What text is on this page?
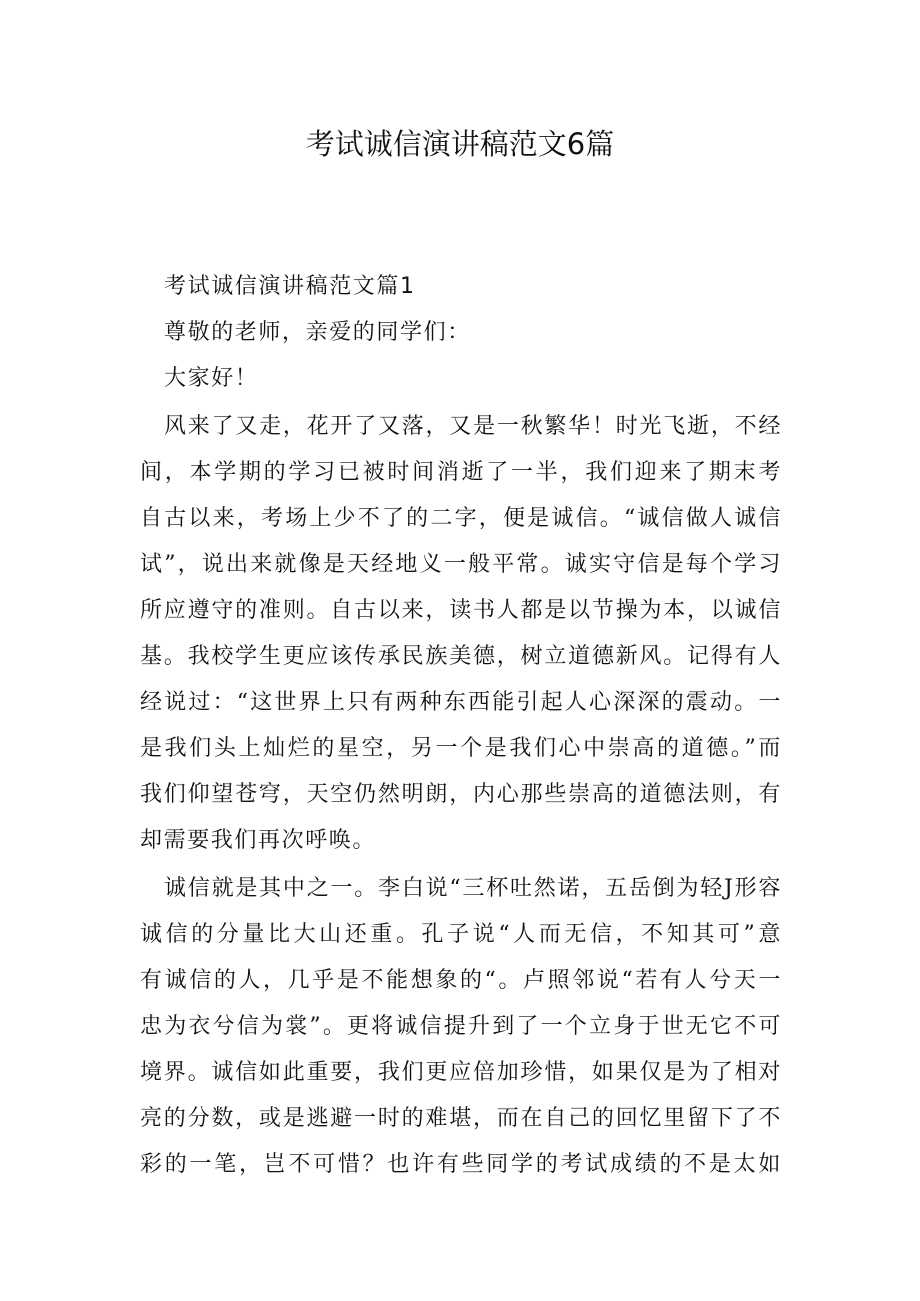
考试诚信演讲稿范文6篇
考试诚信演讲稿范文篇1
尊敬的老师，亲爱的同学们：
大家好！
风来了又走，花开了又落，又是一秋繁华！时光飞逝，不经
间，本学期的学习已被时间消逝了一半，我们迎来了期末考
自古以来，考场上少不了的二字，便是诚信。“诚信做人诚信
试”，说出来就像是天经地义一般平常。诚实守信是每个学习
所应遵守的准则。自古以来，读书人都是以节操为本，以诚信
基。我校学生更应该传承民族美德，树立道德新风。记得有人
经说过：“这世界上只有两种东西能引起人心深深的震动。一
是我们头上灿烂的星空，另一个是我们心中崇高的道德。”而
我们仰望苍穹，天空仍然明朗，内心那些崇高的道德法则，有
却需要我们再次呼唤。
诚信就是其中之一。李白说“三杯吐然诺，五岳倒为轻J形容
诚信的分量比大山还重。孔子说“人而无信，不知其可”意
有诚信的人，几乎是不能想象的“。卢照邻说“若有人兮天一
忠为衣兮信为裳”。更将诚信提升到了一个立身于世无它不可
境界。诚信如此重要，我们更应倍加珍惜，如果仅是为了相对
亮的分数，或是逃避一时的难堪，而在自己的回忆里留下了不
彩的一笔，岂不可惜？也许有些同学的考试成绩的不是太如
